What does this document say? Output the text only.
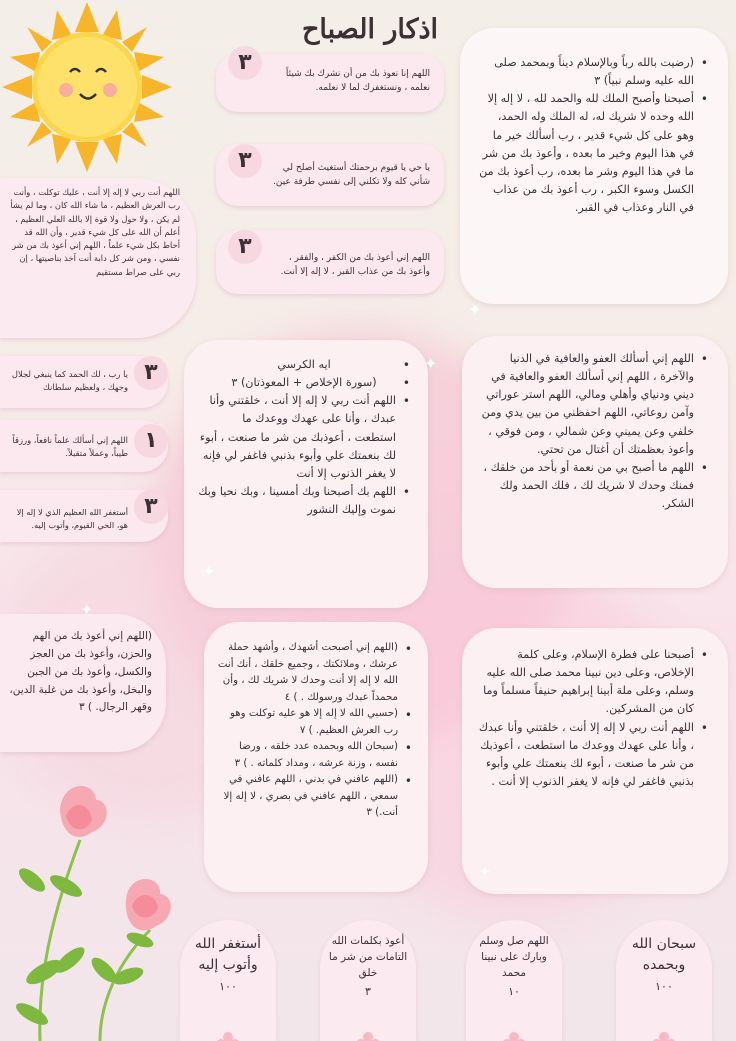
اذكار الصباح
• (رضيت بالله رباً وبالإسلام ديناً وبمحمد صلى الله عليه وسلم نبياً) ٣
• أصبحنا وأصبح الملك لله والحمد لله ، لا إله إلا الله وحده لا شريك له، له الملك وله الحمد، وهو على كل شيء قدير ، رب أسألك خير ما في هذا اليوم وخير ما بعده ، وأعوذ بك من شر ما في هذا اليوم وشر ما بعده، رب أعوذ بك من الكسل وسوء الكبر ، رب أعوذ بك من عذاب في النار وعذاب في القبر.
٣	اللهم إنا نعوذ بك من أن نشرك بك شيئاً نعلمه ، ونستغفرك لما لا نعلمه.
٣	يا حي يا قيوم برحمتك أستغيث أصلح لي شأني كله ولا تكلني إلى نفسي طرفة عين.
٣	اللهم إني أعوذ بك من الكفر ، والفقر ، وأعوذ بك من عذاب القبر ، لا إله إلا أنت.
اللهم أنت ربي لا إله إلا أنت ، عليك توكلت ، وأنت رب العرش العظيم ، ما شاء الله كان ، وما لم يشأ لم يكن ، ولا حول ولا قوة إلا بالله العلي العظيم ، أعلم أن الله على كل شيء قدير ، وأن الله قد أحاط بكل شيء علماً ، اللهم إني أعوذ بك من شر نفسي ، ومن شر كل دابة أنت آخذ بناصيتها ، إن ربي على صراط مستقيم
٣
يا رب ، لك الحمد كما ينبغي لجلال وجهك ، ولعظيم سلطانك
١
اللهم إني أسألك علماً نافعاً، ورزقاً طيباً، وعملاً متقبلاً.
٣
أستغفر الله العظيم الذي لا إله إلا هو، الحي القيوم، وأتوب إليه.
• ايه الكرسي
• (سورة الإخلاص + المعوذتان) ٣
• اللهم أنت ربي لا إله إلا أنت ، خلقتني وأنا عبدك ، وأنا على عهدك ووعدك ما استطعت ، أعوذبك من شر ما صنعت ، أبوء لك بنعمتك علي وأبوء بذنبي فاغفر لي فإنه لا يغفر الذنوب إلا أنت
• اللهم بك أصبحنا وبك أمسينا ، وبك نحيا وبك نموت وإليك النشور
• اللهم إني أسألك العفو والعافية في الدنيا والآخرة ، اللهم إني أسألك العفو والعافية في ديني ودنياي وأهلي ومالي، اللهم استر عوراتي وآمن روعاتي، اللهم احفظني من بين يدي ومن خلفي وعن يميني وعن شمالي ، ومن فوقي ، وأعوذ بعظمتك أن أغتال من تحتي.
• اللهم ما أصبح بي من نعمة أو بأحد من خلقك ، فمنك وحدك لا شريك لك ، فلك الحمد ولك الشكر.
(اللهم إني أعوذ بك من الهم والحزن، وأعوذ بك من العجز والكسل، وأعوذ بك من الجبن والبخل، وأعوذ بك من غلبة الدين، وقهر الرجال. ) ٣
• (اللهم إني أصبحت أشهدك ، وأشهد حملة عرشك ، وملائكتك ، وجميع خلقك ، أنك أنت الله لا إله إلا أنت وحدك لا شريك لك ، وأن محمداً عبدك ورسولك . ) ٤
• (حسبي الله لا إله إلا هو عليه توكلت وهو رب العرش العظيم. ) ٧
• (سبحان الله وبحمده عدد خلقه ، ورضا نفسه ، وزنة عرشه ، ومداد كلماته . ) ٣
• (اللهم عافني في بدني ، اللهم عافني في سمعي ، اللهم عافني في بصري ، لا إله إلا أنت.) ٣
• أصبحنا على فطرة الإسلام، وعلى كلمة الإخلاص، وعلى دين نبينا محمد صلى الله عليه وسلم، وعلى ملة أبينا إبراهيم حنيفاً مسلماً وما كان من المشركين.
• اللهم أنت ربي لا إله إلا أنت ، خلقتني وأنا عبدك ، وأنا على عهدك ووعدك ما استطعت ، أعوذبك من شر ما صنعت ، أبوء لك بنعمتك علي وأبوء بذنبي فاغفر لي فإنه لا يغفر الذنوب إلا أنت .
✦
✦
✦
✦
✦
سبحان الله وبحمده
١٠٠
اللهم صل وسلم وبارك على نبينا محمد
١٠
أعوذ بكلمات الله التامات من شر ما خلق
٣
أستغفر الله وأتوب إليه
١٠٠
